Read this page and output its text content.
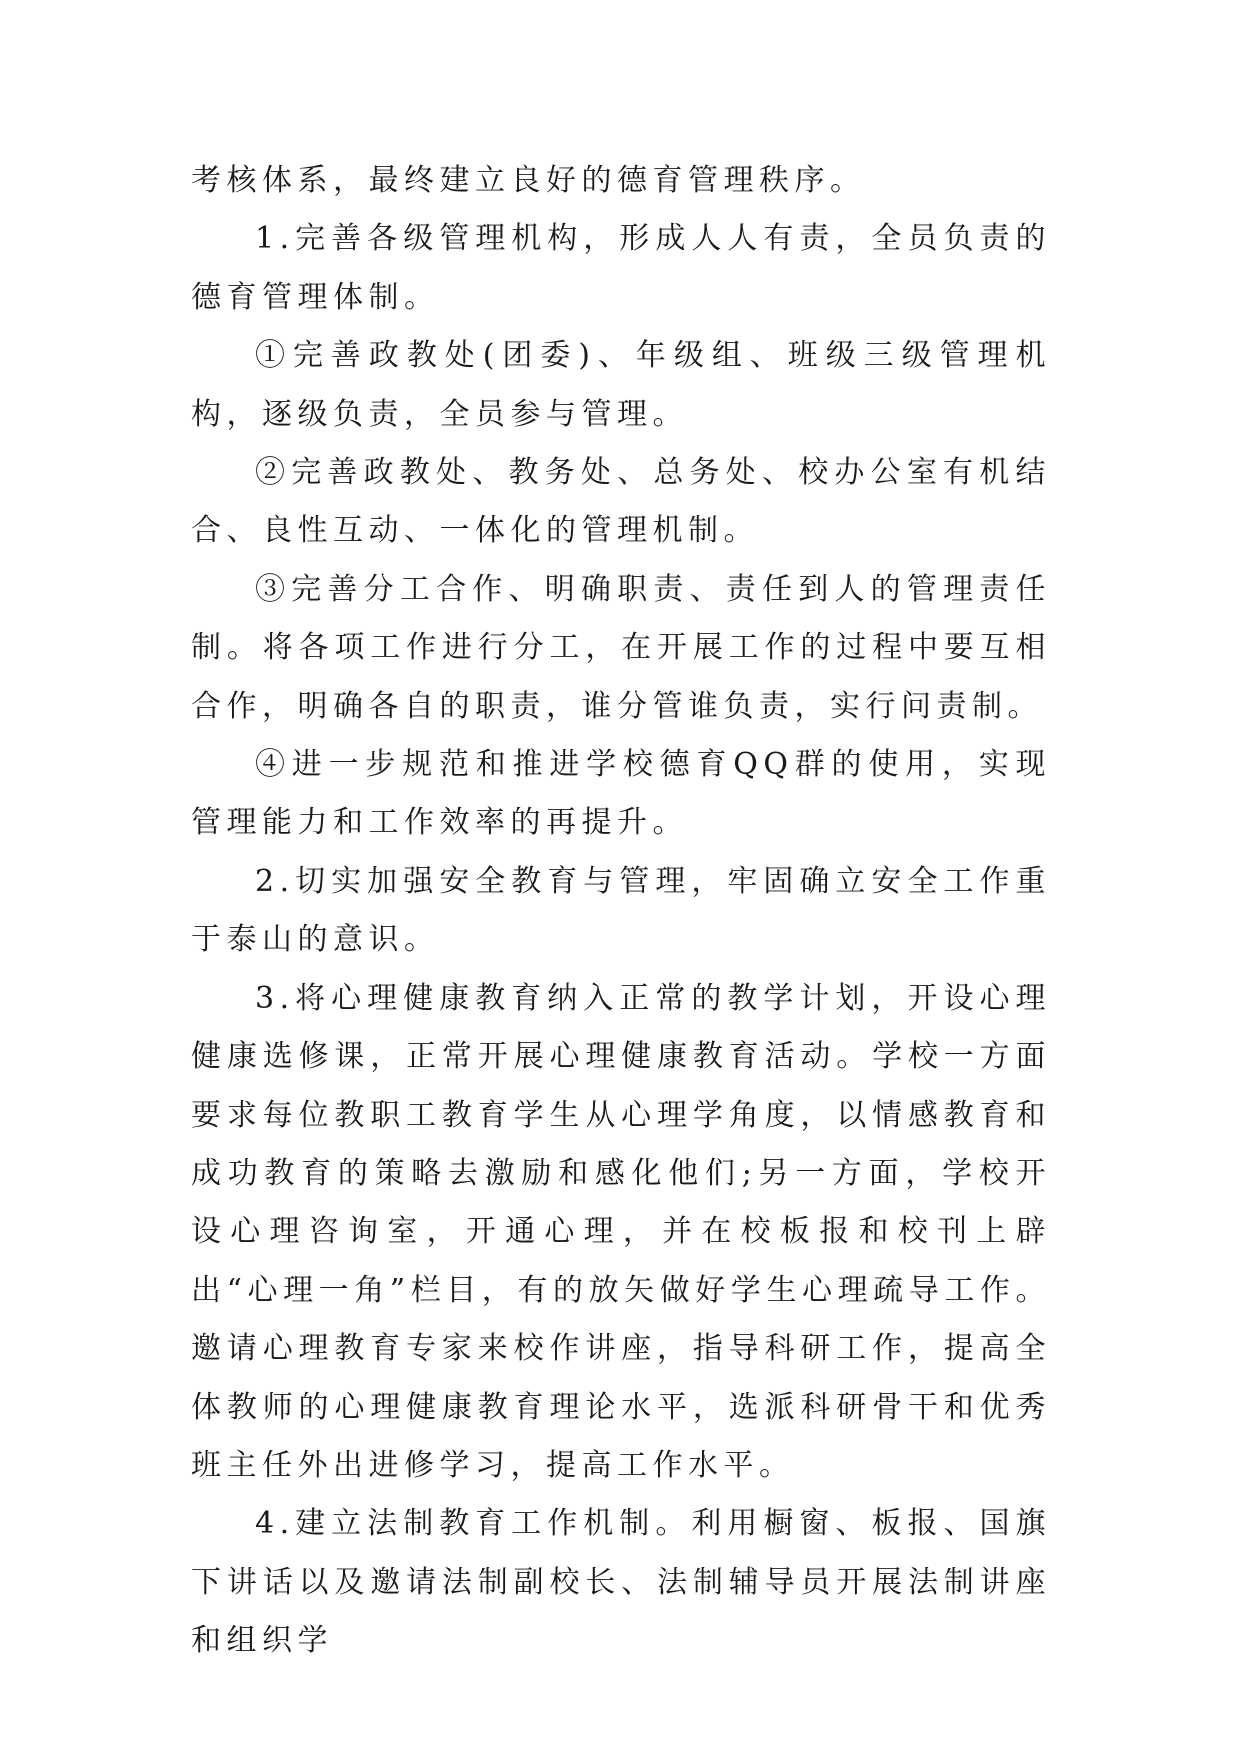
考核体系，最终建立良好的德育管理秩序。

1.完善各级管理机构，形成人人有责，全员负责的德育管理体制。

①完善政教处(团委)、年级组、班级三级管理机构，逐级负责，全员参与管理。

②完善政教处、教务处、总务处、校办公室有机结合、良性互动、一体化的管理机制。

③完善分工合作、明确职责、责任到人的管理责任制。将各项工作进行分工，在开展工作的过程中要互相合作，明确各自的职责，谁分管谁负责，实行问责制。

④进一步规范和推进学校德育QQ群的使用，实现管理能力和工作效率的再提升。

2.切实加强安全教育与管理，牢固确立安全工作重于泰山的意识。

3.将心理健康教育纳入正常的教学计划，开设心理健康选修课，正常开展心理健康教育活动。学校一方面要求每位教职工教育学生从心理学角度，以情感教育和成功教育的策略去激励和感化他们;另一方面，学校开设心理咨询室，开通心理，并在校板报和校刊上辟出“心理一角”栏目，有的放矢做好学生心理疏导工作。邀请心理教育专家来校作讲座，指导科研工作，提高全体教师的心理健康教育理论水平，选派科研骨干和优秀班主任外出进修学习，提高工作水平。

4.建立法制教育工作机制。利用橱窗、板报、国旗下讲话以及邀请法制副校长、法制辅导员开展法制讲座和组织学
